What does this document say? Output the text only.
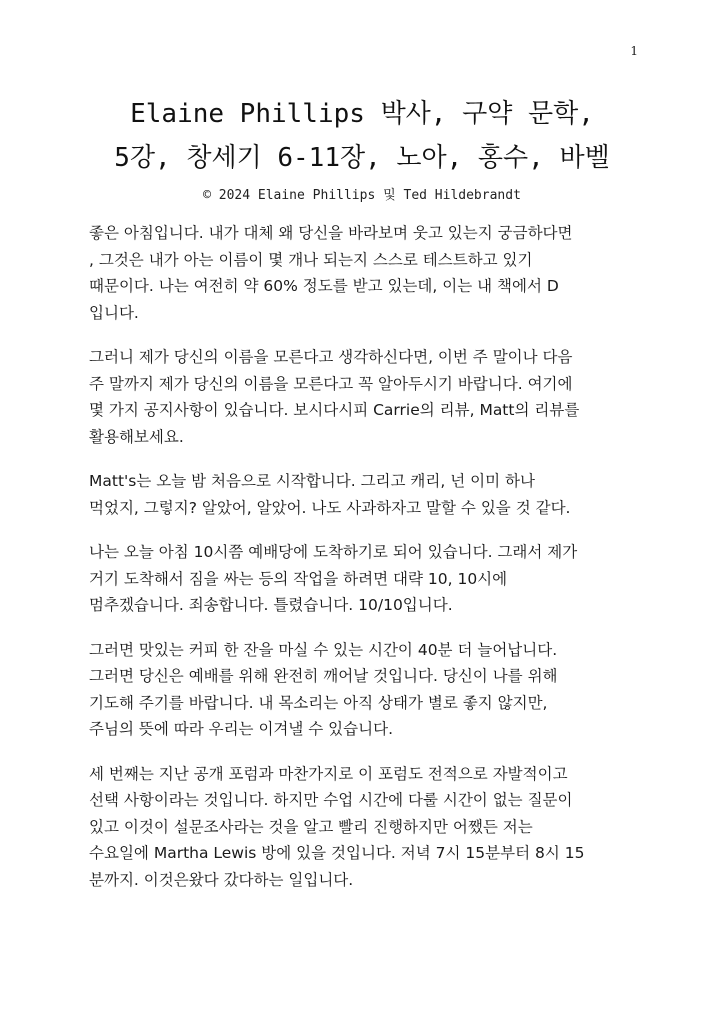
1
Elaine Phillips 박사, 구약 문학,
5강, 창세기 6-11장, 노아, 홍수, 바벨
© 2024 Elaine Phillips 및 Ted Hildebrandt

좋은 아침입니다. 내가 대체 왜 당신을 바라보며 웃고 있는지 궁금하다면
, 그것은 내가 아는 이름이 몇 개나 되는지 스스로 테스트하고 있기
때문이다. 나는 여전히 약 60% 정도를 받고 있는데, 이는 내 책에서 D
입니다.

그러니 제가 당신의 이름을 모른다고 생각하신다면, 이번 주 말이나 다음
주 말까지 제가 당신의 이름을 모른다고 꼭 알아두시기 바랍니다. 여기에
몇 가지 공지사항이 있습니다. 보시다시피 Carrie의 리뷰, Matt의 리뷰를
활용해보세요.

Matt's는 오늘 밤 처음으로 시작합니다. 그리고 캐리, 넌 이미 하나
먹었지, 그렇지? 알았어, 알았어. 나도 사과하자고 말할 수 있을 것 같다.

나는 오늘 아침 10시쯤 예배당에 도착하기로 되어 있습니다. 그래서 제가
거기 도착해서 짐을 싸는 등의 작업을 하려면 대략 10, 10시에
멈추겠습니다. 죄송합니다. 틀렸습니다. 10/10입니다.

그러면 맛있는 커피 한 잔을 마실 수 있는 시간이 40분 더 늘어납니다.
그러면 당신은 예배를 위해 완전히 깨어날 것입니다. 당신이 나를 위해
기도해 주기를 바랍니다. 내 목소리는 아직 상태가 별로 좋지 않지만,
주님의 뜻에 따라 우리는 이겨낼 수 있습니다.

세 번째는 지난 공개 포럼과 마찬가지로 이 포럼도 전적으로 자발적이고
선택 사항이라는 것입니다. 하지만 수업 시간에 다룰 시간이 없는 질문이
있고 이것이 설문조사라는 것을 알고 빨리 진행하지만 어쨌든 저는
수요일에 Martha Lewis 방에 있을 것입니다. 저녁 7시 15분부터 8시 15
분까지. 이것은왔다 갔다하는 일입니다.
